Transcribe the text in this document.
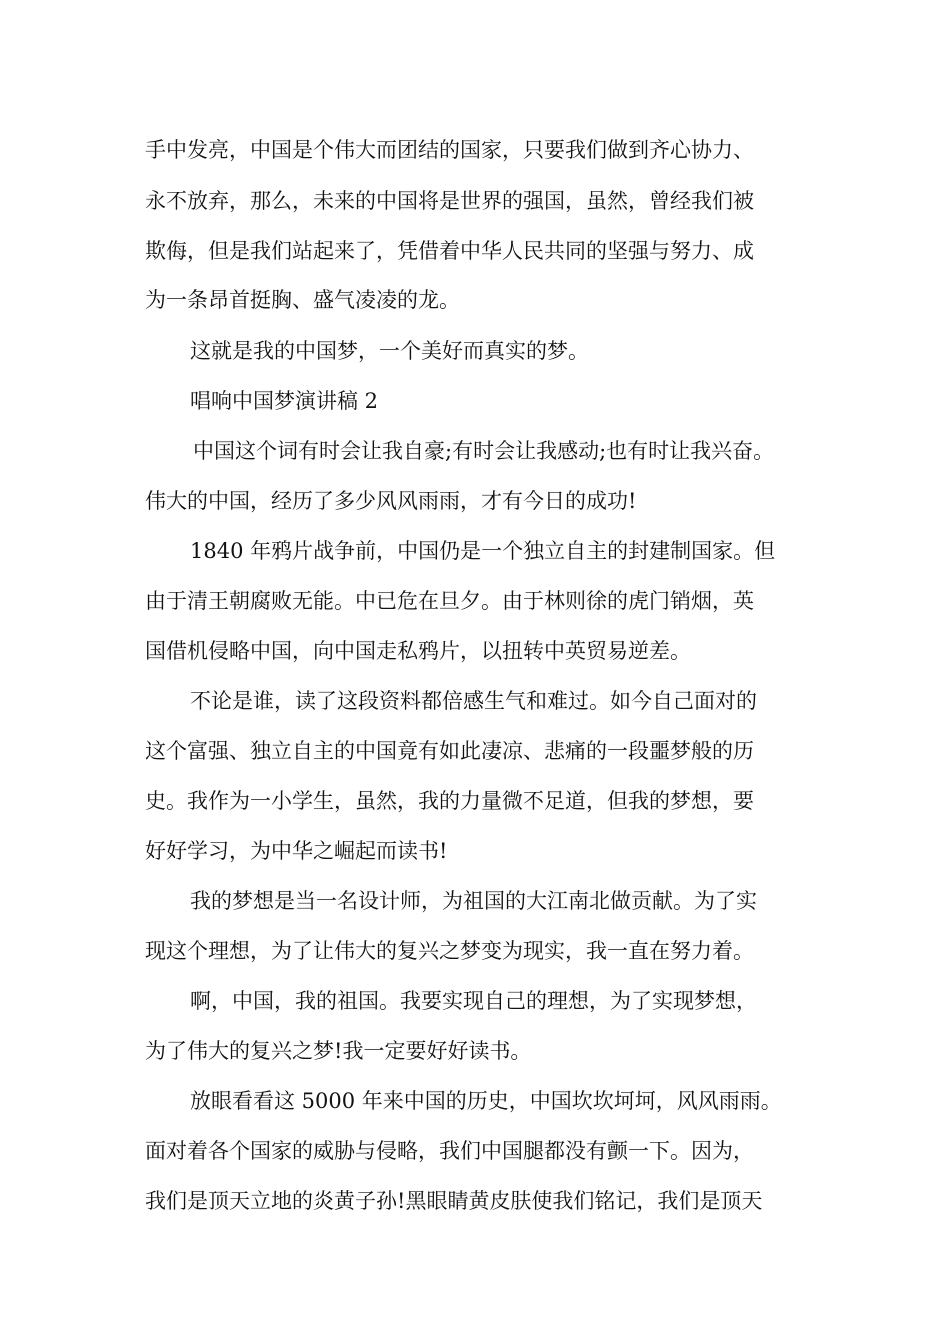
手中发亮，中国是个伟大而团结的国家，只要我们做到齐心协力、
永不放弃，那么，未来的中国将是世界的强国，虽然，曾经我们被
欺侮，但是我们站起来了，凭借着中华人民共同的坚强与努力、成
为一条昂首挺胸、盛气凌凌的龙。
这就是我的中国梦，一个美好而真实的梦。
唱响中国梦演讲稿 2
中国这个词有时会让我自豪;有时会让我感动;也有时让我兴奋。
伟大的中国，经历了多少风风雨雨，才有今日的成功!
1840 年鸦片战争前，中国仍是一个独立自主的封建制国家。但
由于清王朝腐败无能。中已危在旦夕。由于林则徐的虎门销烟，英
国借机侵略中国，向中国走私鸦片，以扭转中英贸易逆差。
不论是谁，读了这段资料都倍感生气和难过。如今自己面对的
这个富强、独立自主的中国竟有如此凄凉、悲痛的一段噩梦般的历
史。我作为一小学生，虽然，我的力量微不足道，但我的梦想，要
好好学习，为中华之崛起而读书!
我的梦想是当一名设计师，为祖国的大江南北做贡献。为了实
现这个理想，为了让伟大的复兴之梦变为现实，我一直在努力着。
啊，中国，我的祖国。我要实现自己的理想，为了实现梦想，
为了伟大的复兴之梦!我一定要好好读书。
放眼看看这 5000 年来中国的历史，中国坎坎坷坷，风风雨雨。
面对着各个国家的威胁与侵略，我们中国腿都没有颤一下。因为，
我们是顶天立地的炎黄子孙!黑眼睛黄皮肤使我们铭记，我们是顶天
